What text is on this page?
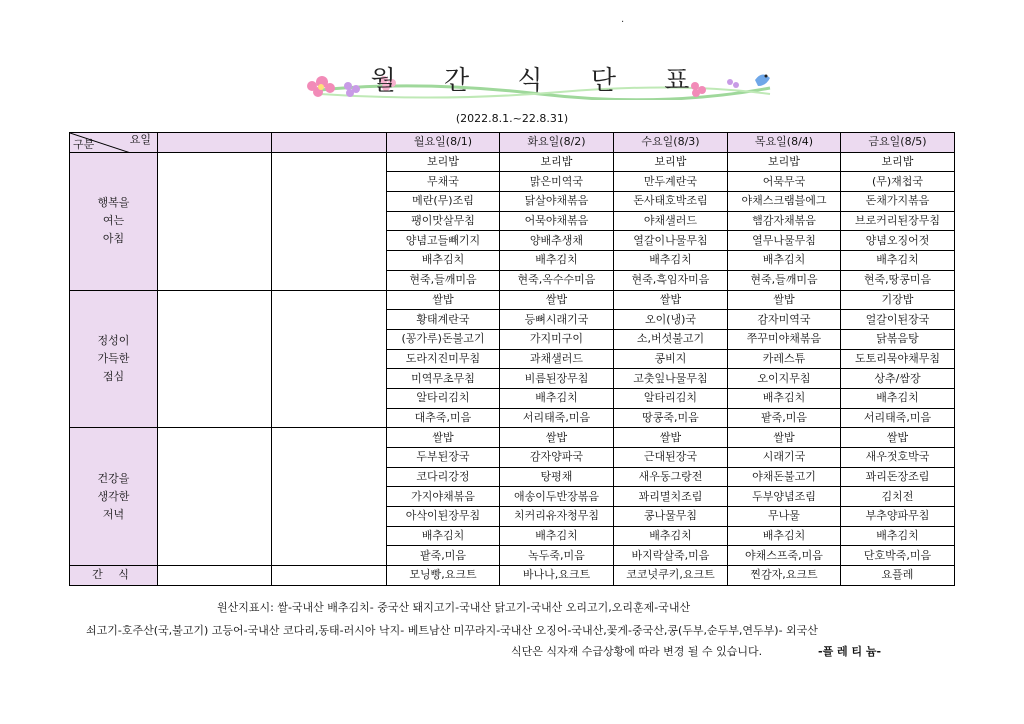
.
월 간 식 단 표
(2022.8.1.~22.8.31)
요일
구분			월요일(8/1)	화요일(8/2)	수요일(8/3)	목요일(8/4)	금요일(8/5)

행복을
여는
아침			보리밥	보리밥	보리밥	보리밥	보리밥
			무채국	맑은미역국	만두계란국	어묵무국	(무)재첩국
			메란(무)조림	닭살야채볶음	돈사태호박조림	야채스크램블에그	돈채가지볶음
			팽이맛살무침	어묵야채볶음	야채샐러드	햄감자채볶음	브로커리된장무침
			양념고들빼기지	양배추생채	열갈이나물무침	열무나물무침	양념오징어젓
			배추김치	배추김치	배추김치	배추김치	배추김치
			현죽,들깨미음	현죽,옥수수미음	현죽,흑임자미음	현죽,들깨미음	현죽,땅콩미음

정성이
가득한
점심			쌀밥	쌀밥	쌀밥	쌀밥	기장밥
			황태계란국	등뼈시래기국	오이(냉)국	감자미역국	얼갈이된장국
			(꽁가루)돈불고기	가지미구이	소,버섯불고기	쭈꾸미야채볶음	닭볶음탕
			도라지진미무침	과채샐러드	콩비지	카레스튜	도토리묵야채무침
			미역무초무침	비름된장무침	고춧잎나물무침	오이지무침	상추/쌈장
			알타리김치	배추김치	알타리김치	배추김치	배추김치
			대추죽,미음	서리태죽,미음	땅콩죽,미음	팥죽,미음	서리태죽,미음

건강을
생각한
저녁			쌀밥	쌀밥	쌀밥	쌀밥	쌀밥
			두부된장국	감자양파국	근대된장국	시래기국	새우젓호박국
			코다리강정	탕평채	새우동그랑전	야채돈불고기	꽈리돈장조림
			가지야채볶음	애송이두반장볶음	꽈리멸치조림	두부양념조림	김치전
			아삭이된장무침	치커리유자청무침	콩나물무침	무나물	부추양파무침
			배추김치	배추김치	배추김치	배추김치	배추김치
			팥죽,미음	녹두죽,미음	바지락살죽,미음	야채스프죽,미음	단호박죽,미음
간 식			모닝빵,요크트	바나나,요크트	코코넛쿠키,요크트	찐감자,요크트	요플레
원산지표시: 쌀-국내산 배추김치- 중국산 돼지고기-국내산 닭고기-국내산 오리고기,오리훈제-국내산
쇠고기-호주산(국,불고기) 고등어-국내산 코다리,동태-러시아 낙지- 베트남산 미꾸라지-국내산 오징어-국내산,꽃게-중국산,콩(두부,순두부,연두부)- 외국산
식단은 식자재 수급상황에 따라 변경 될 수 있습니다.	-플 레 티 늄-
